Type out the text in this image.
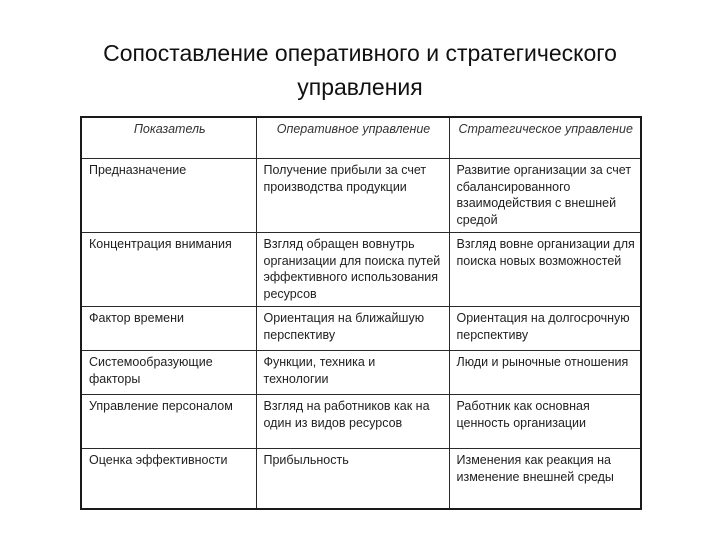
Сопоставление оперативного и стратегического
управления
Показатель	Оперативное управление	Стратегическое управление
Предназначение	Получение прибыли за счет производства продукции	Развитие организации за счет сбалансированного взаимодействия с внешней средой
Концентрация внимания	Взгляд обращен вовнутрь организации для поиска путей эффективного использования ресурсов	Взгляд вовне организации для поиска новых возможностей
Фактор времени	Ориентация на ближайшую перспективу	Ориентация на долгосрочную перспективу
Системообразующие факторы	Функции, техника и технологии	Люди и рыночные отношения
Управление персоналом	Взгляд на работников как на один из видов ресурсов	Работник как основная ценность организации
Оценка эффективности	Прибыльность	Изменения как реакция на изменение внешней среды
